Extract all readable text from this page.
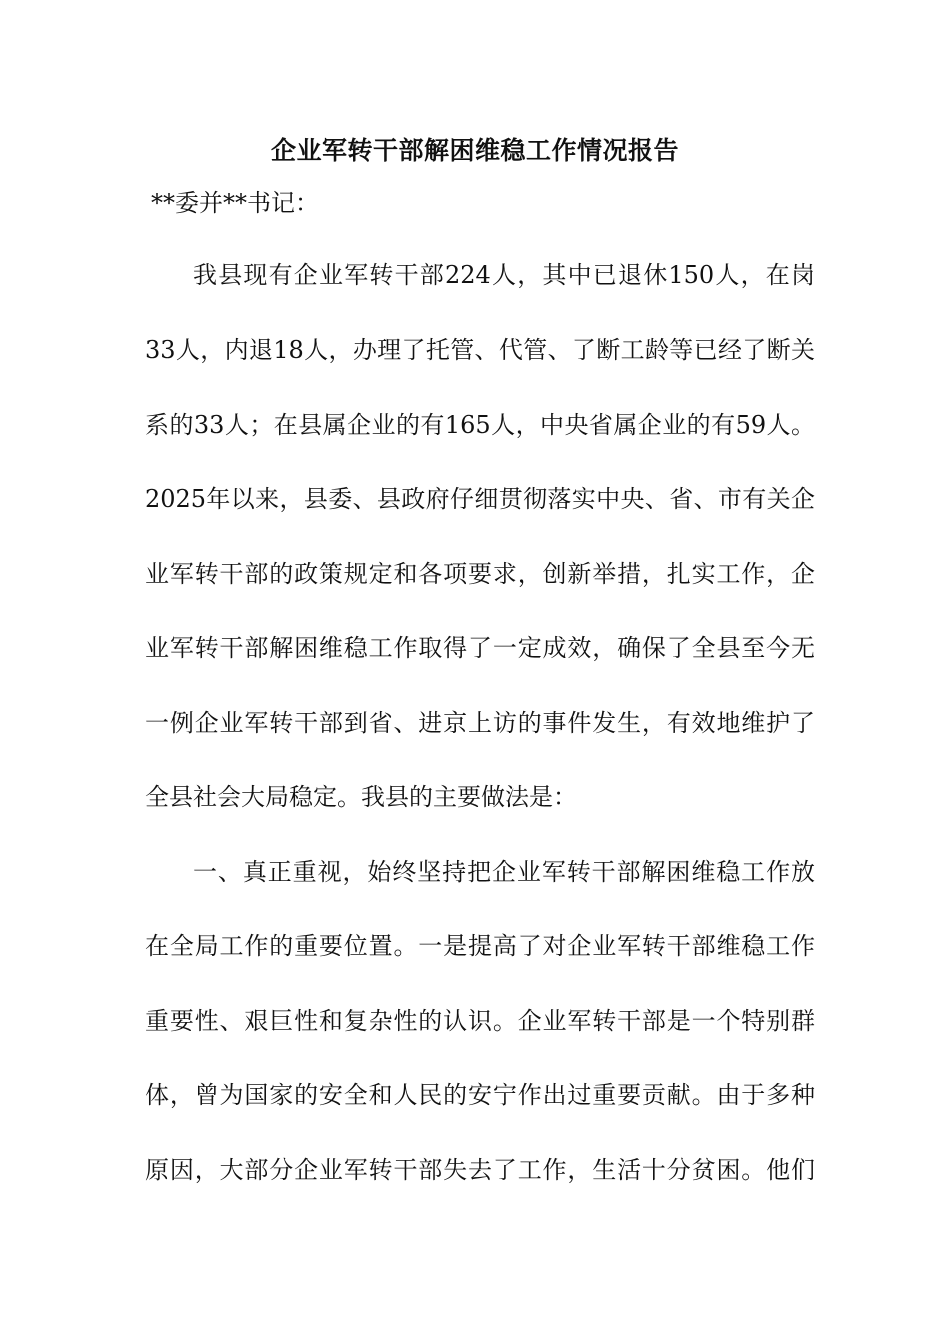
企业军转干部解困维稳工作情况报告
**委并**书记：
我县现有企业军转干部224人，其中已退休150人，在岗
33人，内退18人，办理了托管、代管、了断工龄等已经了断关
系的33人；在县属企业的有165人，中央省属企业的有59人。
2025年以来，县委、县政府仔细贯彻落实中央、省、市有关企
业军转干部的政策规定和各项要求，创新举措，扎实工作，企
业军转干部解困维稳工作取得了一定成效，确保了全县至今无
一例企业军转干部到省、进京上访的事件发生，有效地维护了
全县社会大局稳定。我县的主要做法是：
一、真正重视，始终坚持把企业军转干部解困维稳工作放
在全局工作的重要位置。一是提高了对企业军转干部维稳工作
重要性、艰巨性和复杂性的认识。企业军转干部是一个特别群
体，曾为国家的安全和人民的安宁作出过重要贡献。由于多种
原因，大部分企业军转干部失去了工作，生活十分贫困。他们
